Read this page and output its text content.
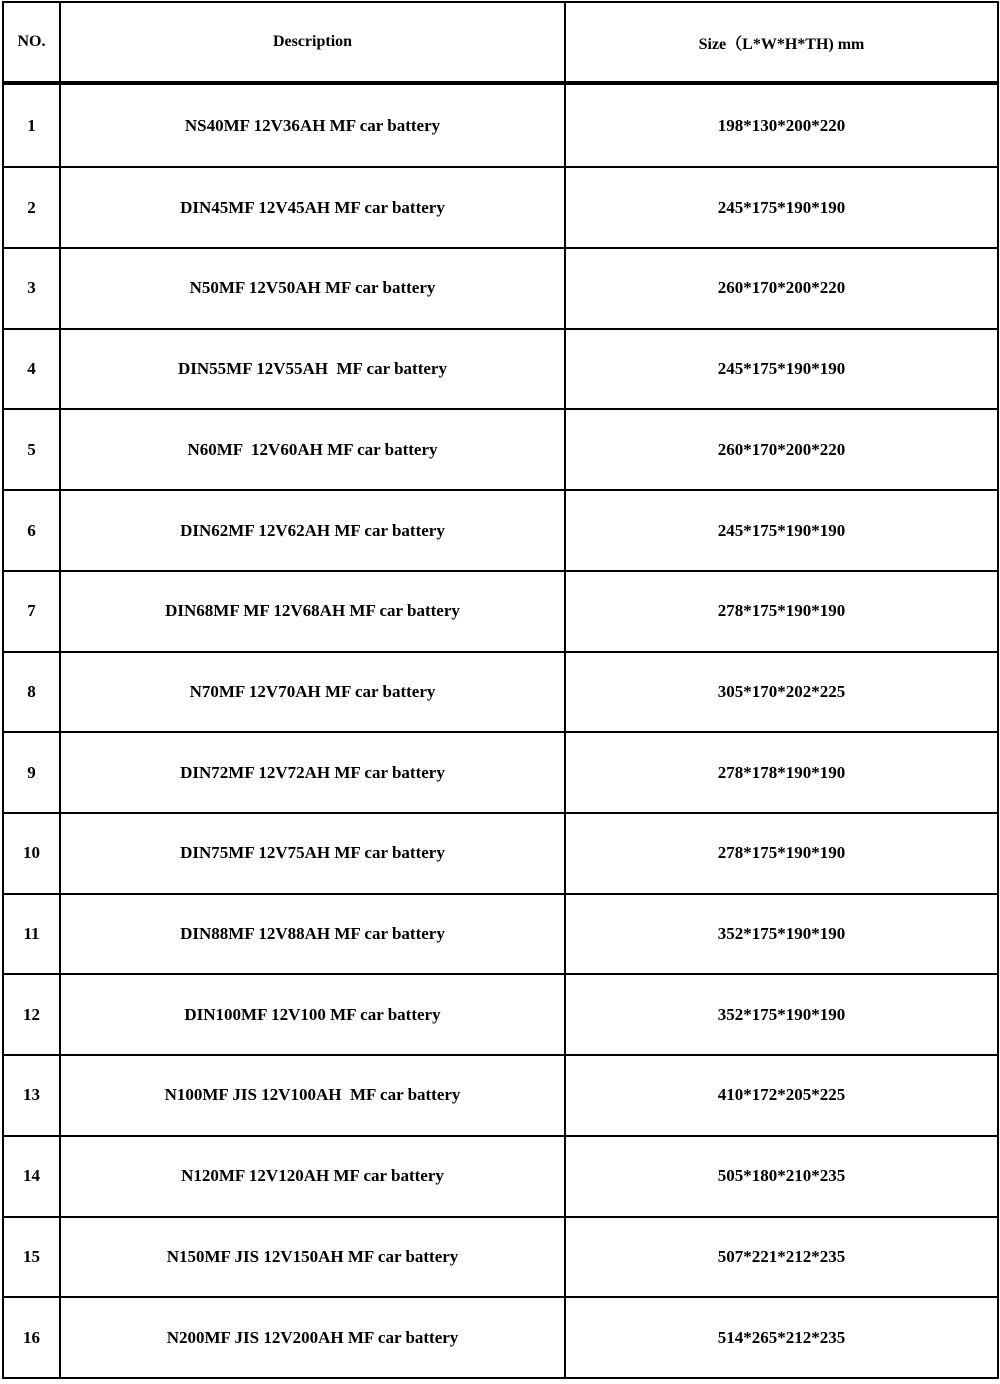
NO.	Description	Size（L*W*H*TH) mm
1	NS40MF 12V36AH MF car battery	198*130*200*220
2	DIN45MF 12V45AH MF car battery	245*175*190*190
3	N50MF 12V50AH MF car battery	260*170*200*220
4	DIN55MF 12V55AH  MF car battery	245*175*190*190
5	N60MF  12V60AH MF car battery	260*170*200*220
6	DIN62MF 12V62AH MF car battery	245*175*190*190
7	DIN68MF MF 12V68AH MF car battery	278*175*190*190
8	N70MF 12V70AH MF car battery	305*170*202*225
9	DIN72MF 12V72AH MF car battery	278*178*190*190
10	DIN75MF 12V75AH MF car battery	278*175*190*190
11	DIN88MF 12V88AH MF car battery	352*175*190*190
12	DIN100MF 12V100 MF car battery	352*175*190*190
13	N100MF JIS 12V100AH  MF car battery	410*172*205*225
14	N120MF 12V120AH MF car battery	505*180*210*235
15	N150MF JIS 12V150AH MF car battery	507*221*212*235
16	N200MF JIS 12V200AH MF car battery	514*265*212*235
